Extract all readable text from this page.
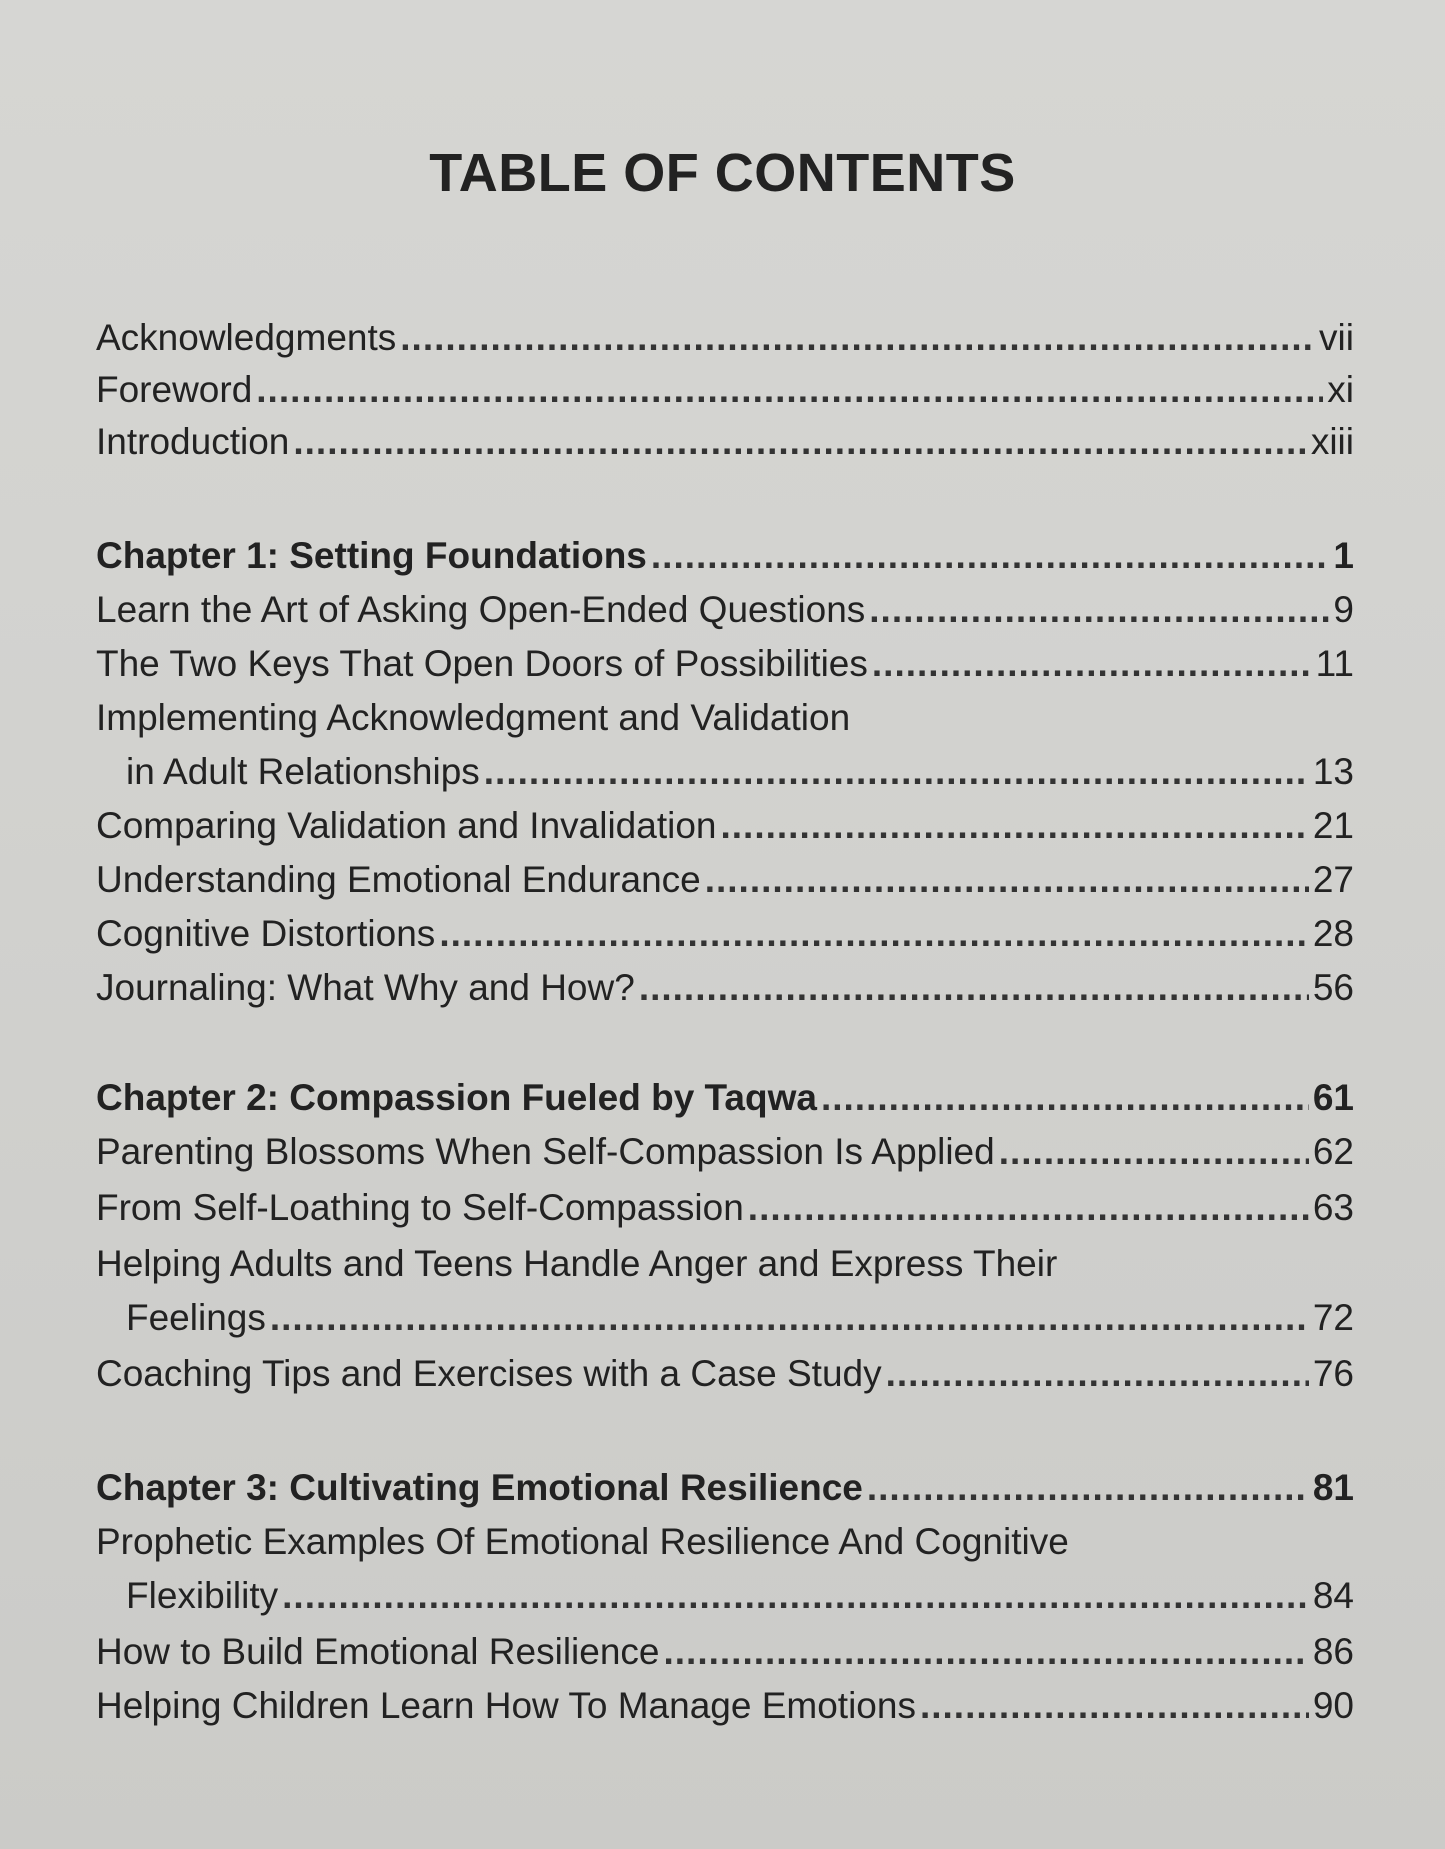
TABLE OF CONTENTS
Acknowledgments .....	vii
Foreword .....	xi
Introduction .....	xiii
Chapter 1: Setting Foundations .....	1
Learn the Art of Asking Open-Ended Questions .....	9
The Two Keys That Open Doors of Possibilities .....	11
Implementing Acknowledgment and Validation
in Adult Relationships .....	13
Comparing Validation and Invalidation .....	21
Understanding Emotional Endurance .....	27
Cognitive Distortions .....	28
Journaling: What Why and How? .....	56
Chapter 2: Compassion Fueled by Taqwa .....	61
Parenting Blossoms When Self-Compassion Is Applied .....	62
From Self-Loathing to Self-Compassion .....	63
Helping Adults and Teens Handle Anger and Express Their
Feelings .....	72
Coaching Tips and Exercises with a Case Study .....	76
Chapter 3: Cultivating Emotional Resilience .....	81
Prophetic Examples Of Emotional Resilience And Cognitive
Flexibility .....	84
How to Build Emotional Resilience .....	86
Helping Children Learn How To Manage Emotions .....	90
